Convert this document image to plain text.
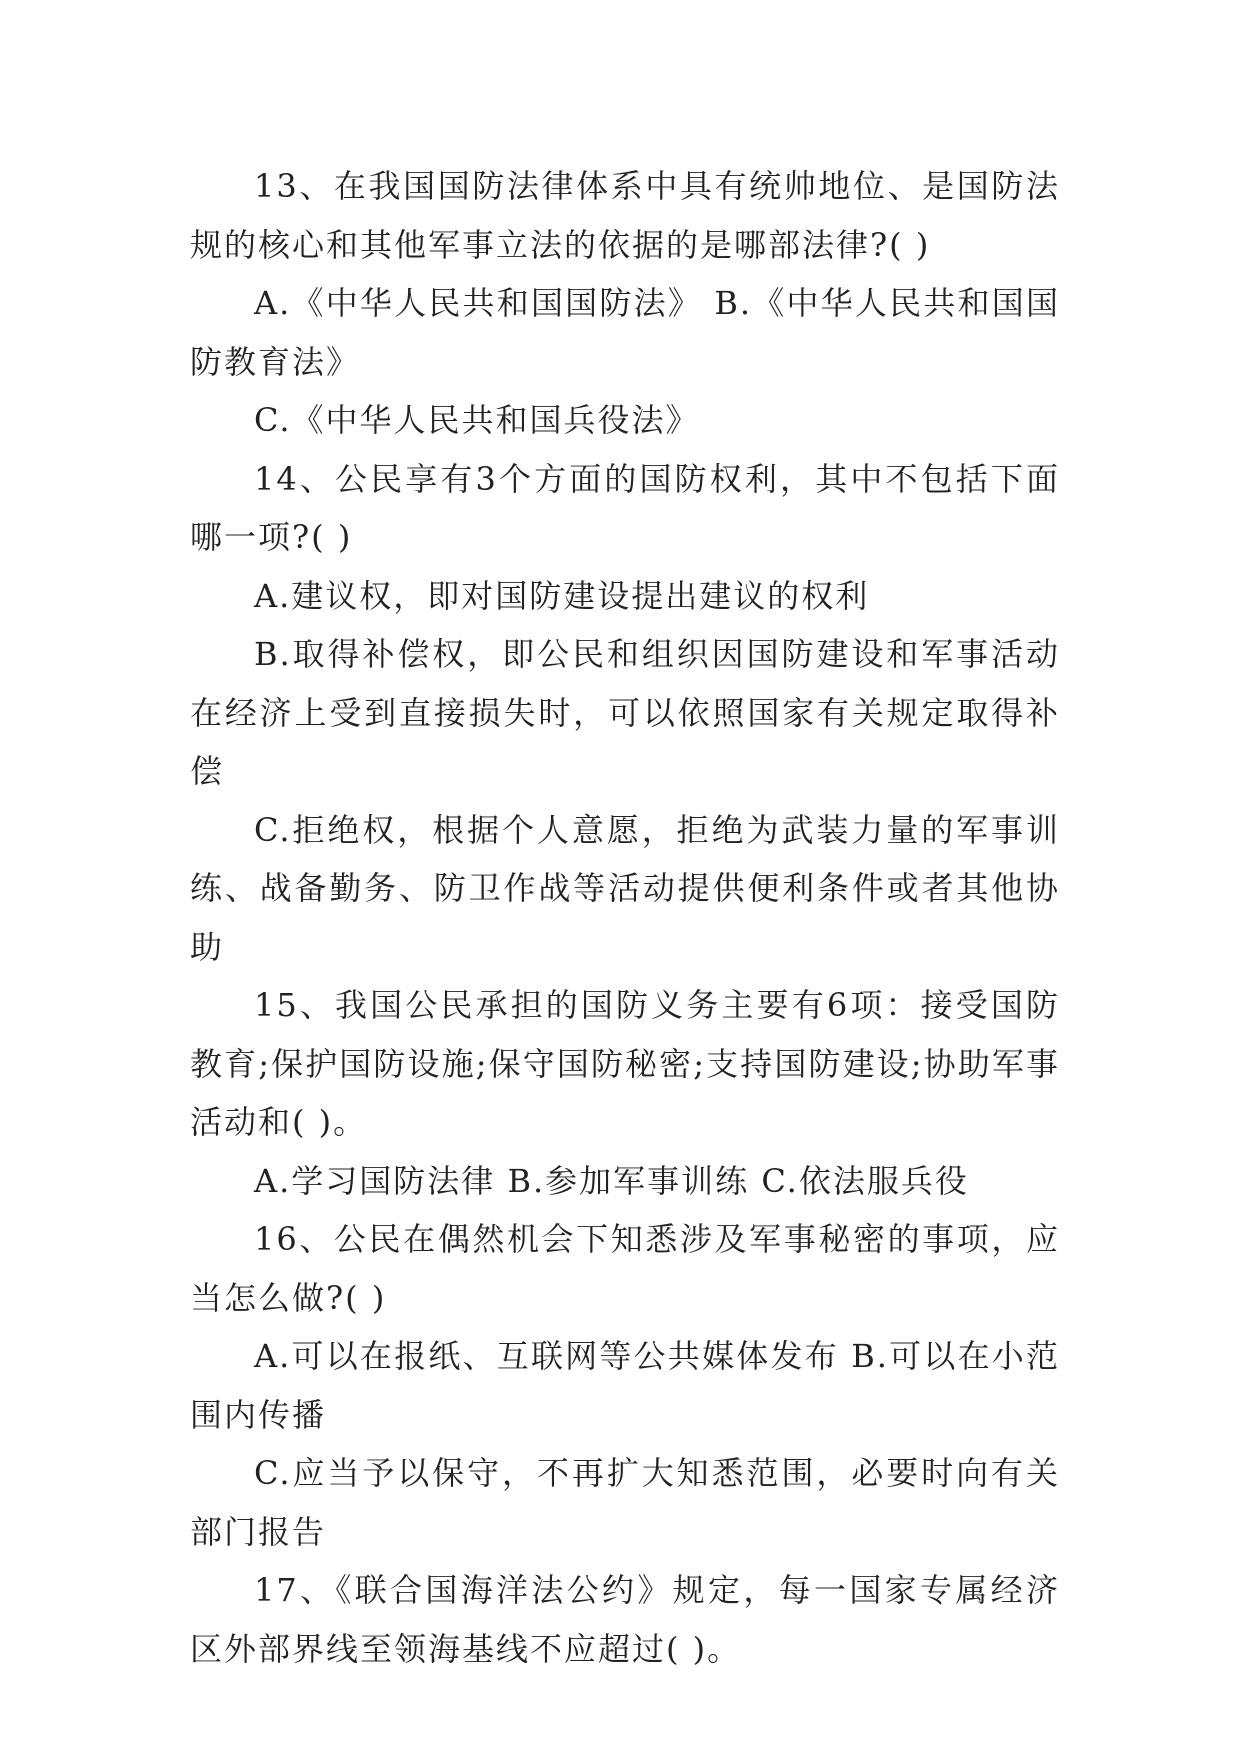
13、在我国国防法律体系中具有统帅地位、是国防法规的核心和其他军事立法的依据的是哪部法律?( )

A.《中华人民共和国国防法》 B.《中华人民共和国国防教育法》

C.《中华人民共和国兵役法》

14、公民享有3个方面的国防权利，其中不包括下面哪一项?( )

A.建议权，即对国防建设提出建议的权利

B.取得补偿权，即公民和组织因国防建设和军事活动在经济上受到直接损失时，可以依照国家有关规定取得补偿

C.拒绝权，根据个人意愿，拒绝为武装力量的军事训练、战备勤务、防卫作战等活动提供便利条件或者其他协助

15、我国公民承担的国防义务主要有6项：接受国防教育;保护国防设施;保守国防秘密;支持国防建设;协助军事活动和( )。

A.学习国防法律 B.参加军事训练 C.依法服兵役

16、公民在偶然机会下知悉涉及军事秘密的事项，应当怎么做?( )

A.可以在报纸、互联网等公共媒体发布 B.可以在小范围内传播

C.应当予以保守，不再扩大知悉范围，必要时向有关部门报告

17、《联合国海洋法公约》规定，每一国家专属经济区外部界线至领海基线不应超过( )。
